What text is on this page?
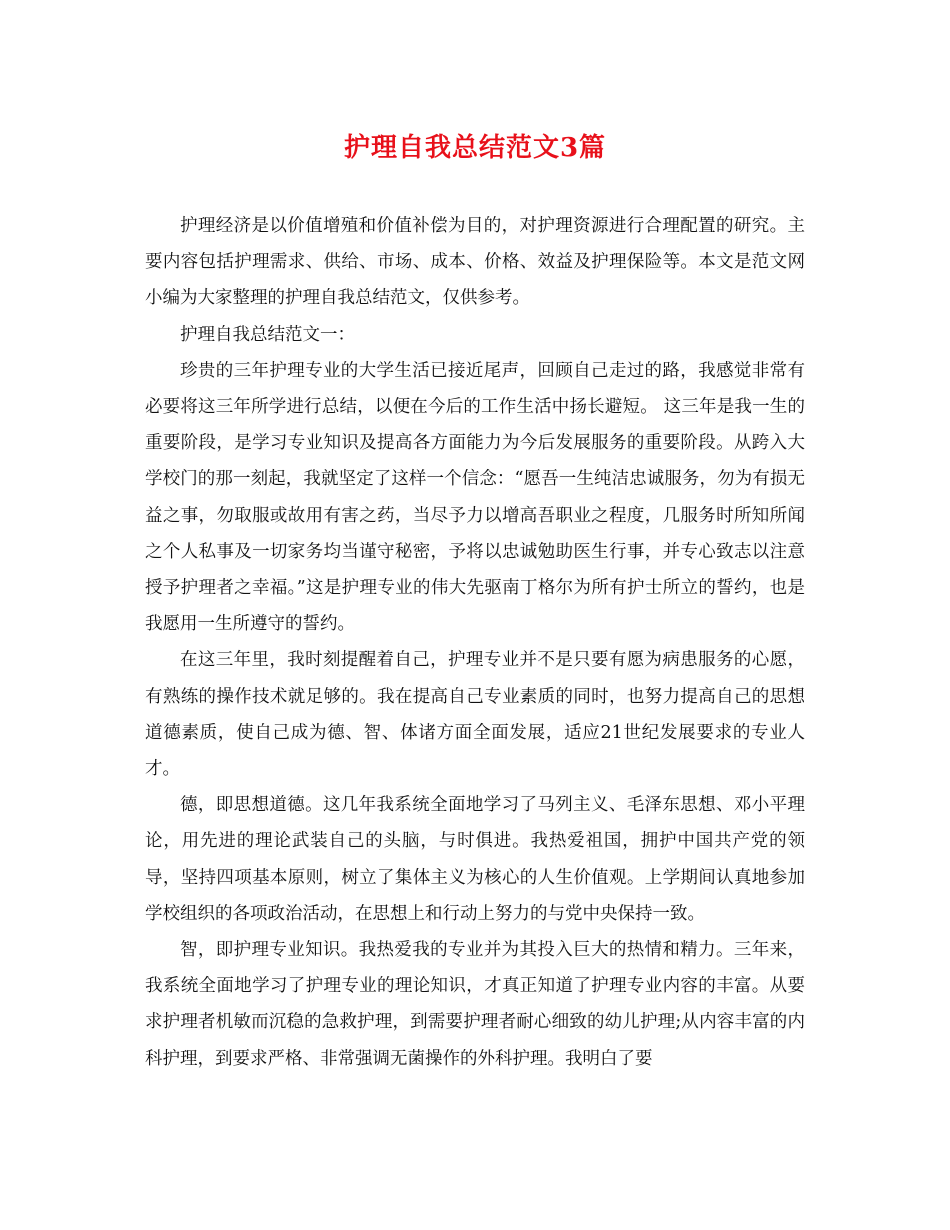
护理自我总结范文3篇

护理经济是以价值增殖和价值补偿为目的，对护理资源进行合理配置的研究。主要内容包括护理需求、供给、市场、成本、价格、效益及护理保险等。本文是范文网小编为大家整理的护理自我总结范文，仅供参考。

护理自我总结范文一：

珍贵的三年护理专业的大学生活已接近尾声，回顾自己走过的路，我感觉非常有必要将这三年所学进行总结，以便在今后的工作生活中扬长避短。 这三年是我一生的重要阶段，是学习专业知识及提高各方面能力为今后发展服务的重要阶段。从跨入大学校门的那一刻起，我就坚定了这样一个信念：“愿吾一生纯洁忠诚服务，勿为有损无益之事，勿取服或故用有害之药，当尽予力以增高吾职业之程度，几服务时所知所闻之个人私事及一切家务均当谨守秘密，予将以忠诚勉助医生行事，并专心致志以注意授予护理者之幸福。”这是护理专业的伟大先驱南丁格尔为所有护士所立的誓约，也是我愿用一生所遵守的誓约。

在这三年里，我时刻提醒着自己，护理专业并不是只要有愿为病患服务的心愿，有熟练的操作技术就足够的。我在提高自己专业素质的同时，也努力提高自己的思想道德素质，使自己成为德、智、体诸方面全面发展，适应21世纪发展要求的专业人才。

德，即思想道德。这几年我系统全面地学习了马列主义、毛泽东思想、邓小平理论，用先进的理论武装自己的头脑，与时俱进。我热爱祖国，拥护中国共产党的领导，坚持四项基本原则，树立了集体主义为核心的人生价值观。上学期间认真地参加学校组织的各项政治活动，在思想上和行动上努力的与党中央保持一致。

智，即护理专业知识。我热爱我的专业并为其投入巨大的热情和精力。三年来，我系统全面地学习了护理专业的理论知识，才真正知道了护理专业内容的丰富。从要求护理者机敏而沉稳的急救护理，到需要护理者耐心细致的幼儿护理;从内容丰富的内科护理，到要求严格、非常强调无菌操作的外科护理。我明白了要
